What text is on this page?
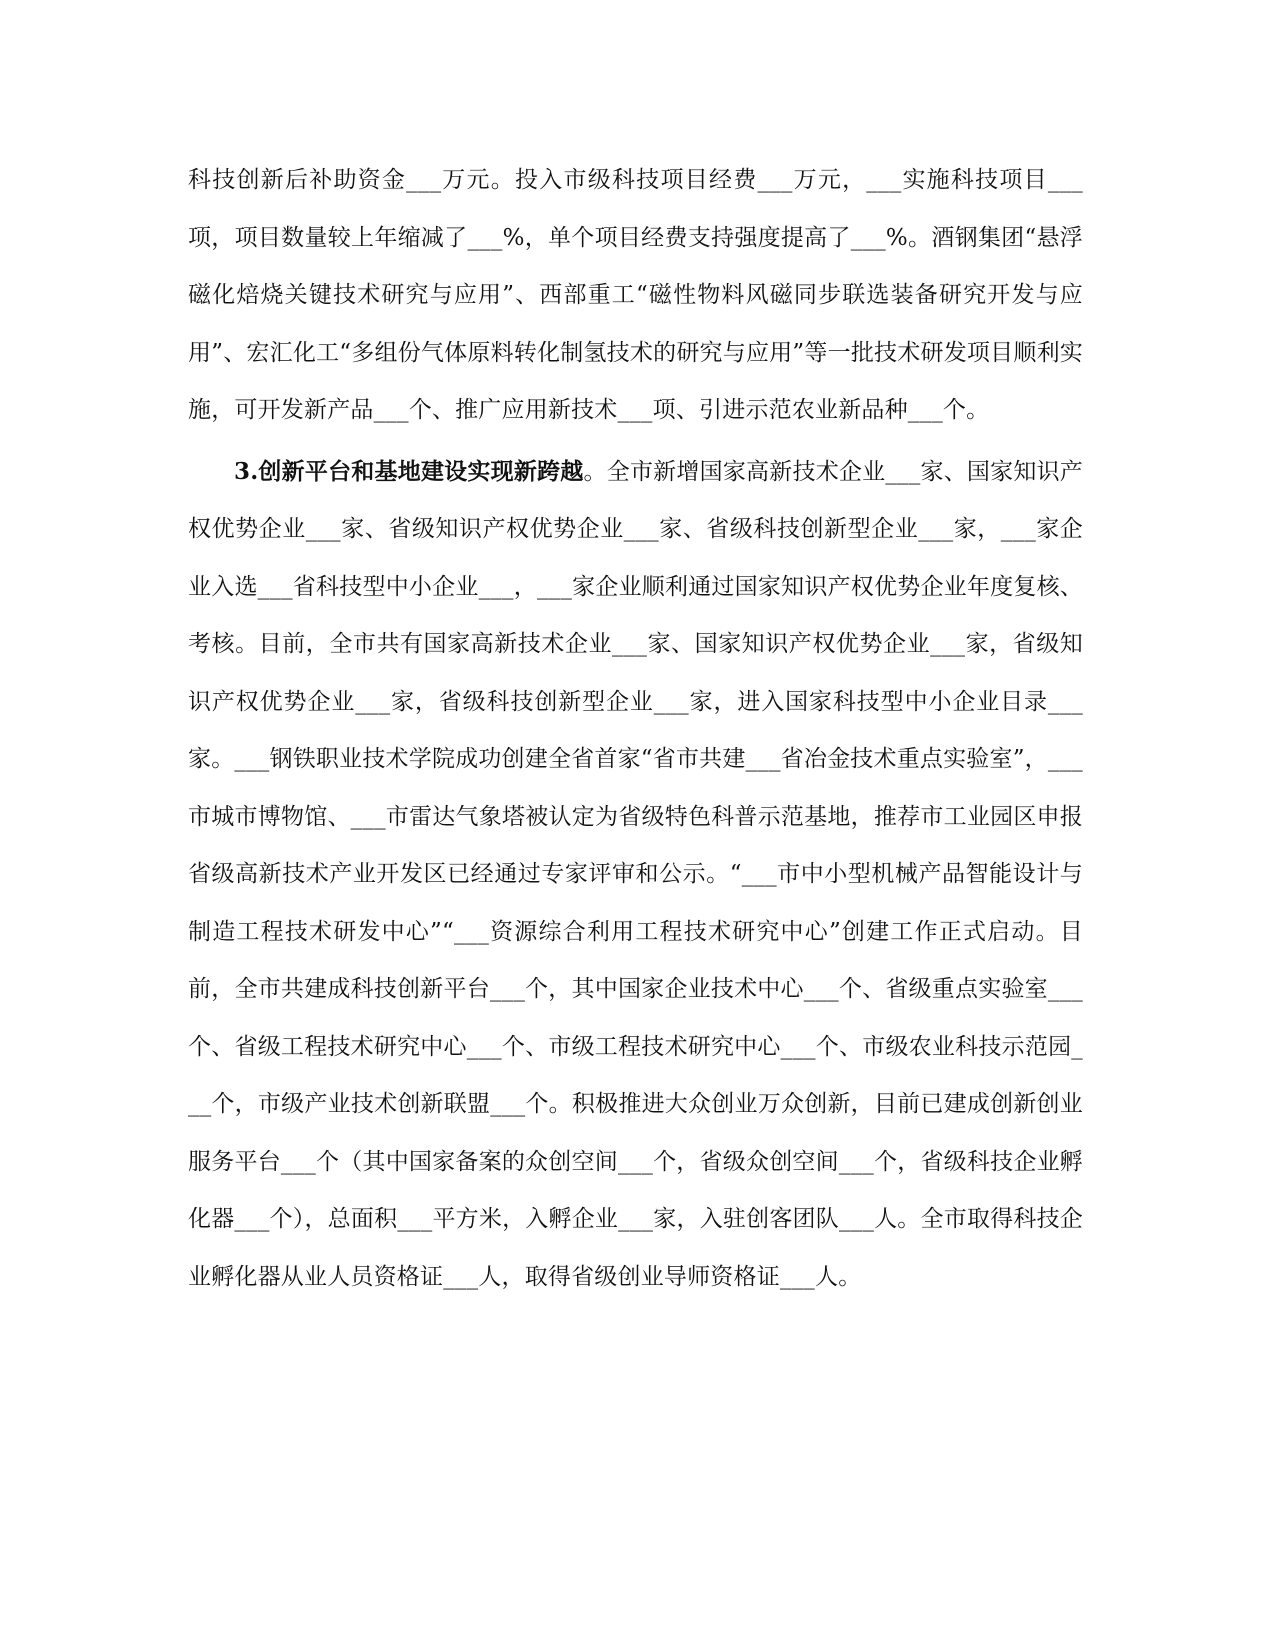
科技创新后补助资金___万元。投入市级科技项目经费___万元，___实施科技项目___项，项目数量较上年缩减了___%，单个项目经费支持强度提高了___%。酒钢集团“悬浮磁化焙烧关键技术研究与应用”、西部重工“磁性物料风磁同步联选装备研究开发与应用”、宏汇化工“多组份气体原料转化制氢技术的研究与应用”等一批技术研发项目顺利实施，可开发新产品___个、推广应用新技术___项、引进示范农业新品种___个。

3.创新平台和基地建设实现新跨越。全市新增国家高新技术企业___家、国家知识产权优势企业___家、省级知识产权优势企业___家、省级科技创新型企业___家，___家企业入选___省科技型中小企业___，___家企业顺利通过国家知识产权优势企业年度复核、考核。目前，全市共有国家高新技术企业___家、国家知识产权优势企业___家，省级知识产权优势企业___家，省级科技创新型企业___家，进入国家科技型中小企业目录___家。___钢铁职业技术学院成功创建全省首家“省市共建___省冶金技术重点实验室”，___市城市博物馆、___市雷达气象塔被认定为省级特色科普示范基地，推荐市工业园区申报省级高新技术产业开发区已经通过专家评审和公示。“___市中小型机械产品智能设计与制造工程技术研发中心”“___资源综合利用工程技术研究中心”创建工作正式启动。目前，全市共建成科技创新平台___个，其中国家企业技术中心___个、省级重点实验室___个、省级工程技术研究中心___个、市级工程技术研究中心___个、市级农业科技示范园___个，市级产业技术创新联盟___个。积极推进大众创业万众创新，目前已建成创新创业服务平台___个（其中国家备案的众创空间___个，省级众创空间___个，省级科技企业孵化器___个），总面积___平方米，入孵企业___家，入驻创客团队___人。全市取得科技企业孵化器从业人员资格证___人，取得省级创业导师资格证___人。
